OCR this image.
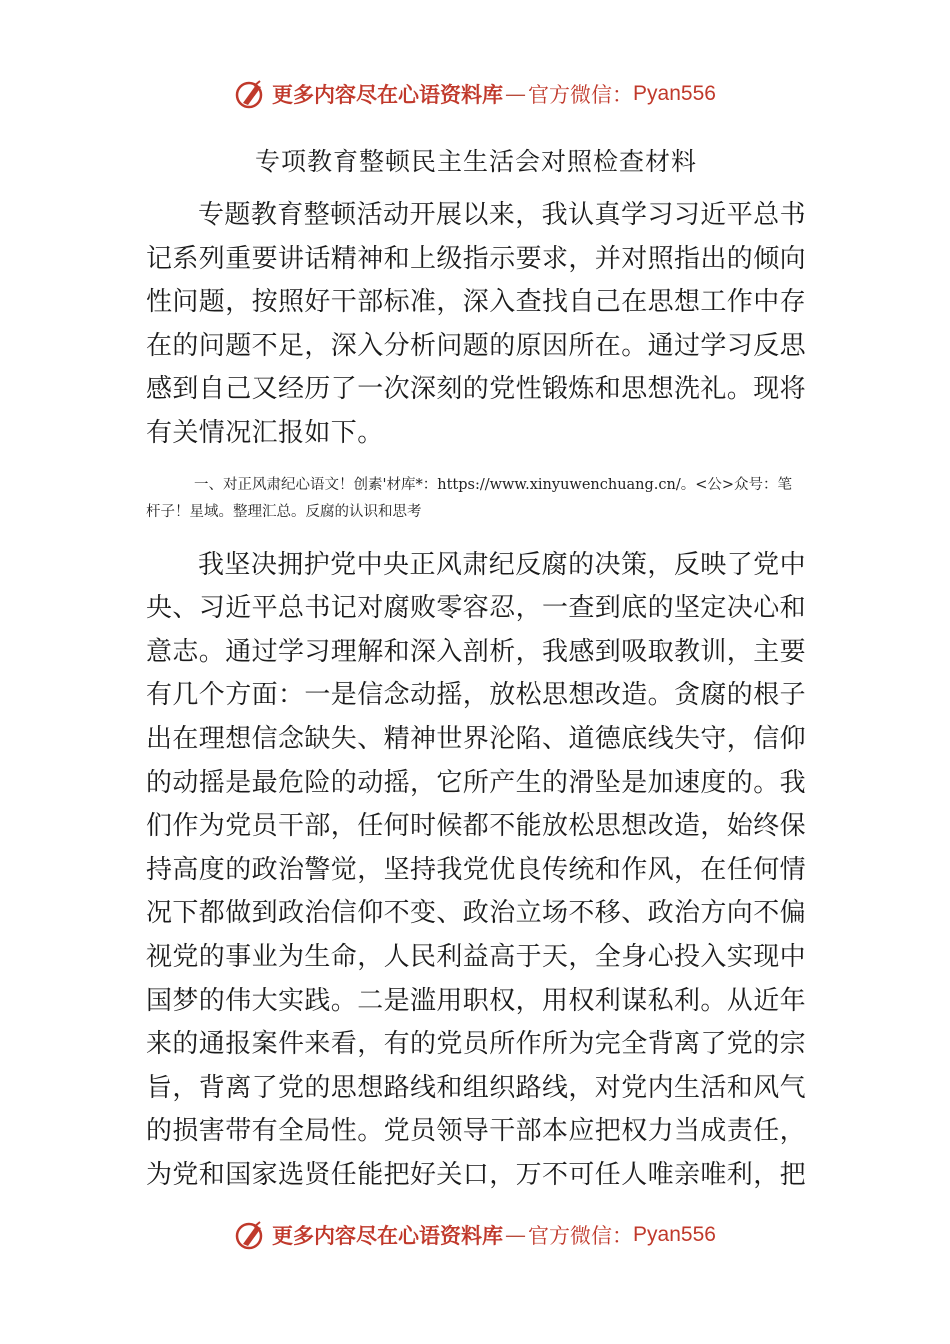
更多内容尽在心语资料库 — 官方微信： Pyan556
专项教育整顿民主生活会对照检查材料

专题教育整顿活动开展以来，我认真学习习近平总书记系列重要讲话精神和上级指示要求，并对照指出的倾向性问题，按照好干部标准，深入查找自己在思想工作中存在的问题不足，深入分析问题的原因所在。通过学习反思感到自己又经历了一次深刻的党性锻炼和思想洗礼。现将有关情况汇报如下。

一、对正风肃纪心语文！创素'材库*：https://www.xinyuwenchuang.cn/。<公>众号：笔杆子！星域。整理汇总。反腐的认识和思考

我坚决拥护党中央正风肃纪反腐的决策，反映了党中央、习近平总书记对腐败零容忍，一查到底的坚定决心和意志。通过学习理解和深入剖析，我感到吸取教训，主要有几个方面：一是信念动摇，放松思想改造。贪腐的根子出在理想信念缺失、精神世界沦陷、道德底线失守，信仰的动摇是最危险的动摇，它所产生的滑坠是加速度的。我们作为党员干部，任何时候都不能放松思想改造，始终保持高度的政治警觉，坚持我党优良传统和作风，在任何情况下都做到政治信仰不变、政治立场不移、政治方向不偏视党的事业为生命，人民利益高于天，全身心投入实现中国梦的伟大实践。二是滥用职权，用权利谋私利。从近年来的通报案件来看，有的党员所作所为完全背离了党的宗旨，背离了党的思想路线和组织路线，对党内生活和风气的损害带有全局性。党员领导干部本应把权力当成责任，为党和国家选贤任能把好关口，万不可任人唯亲唯利，把

更多内容尽在心语资料库 — 官方微信： Pyan556
